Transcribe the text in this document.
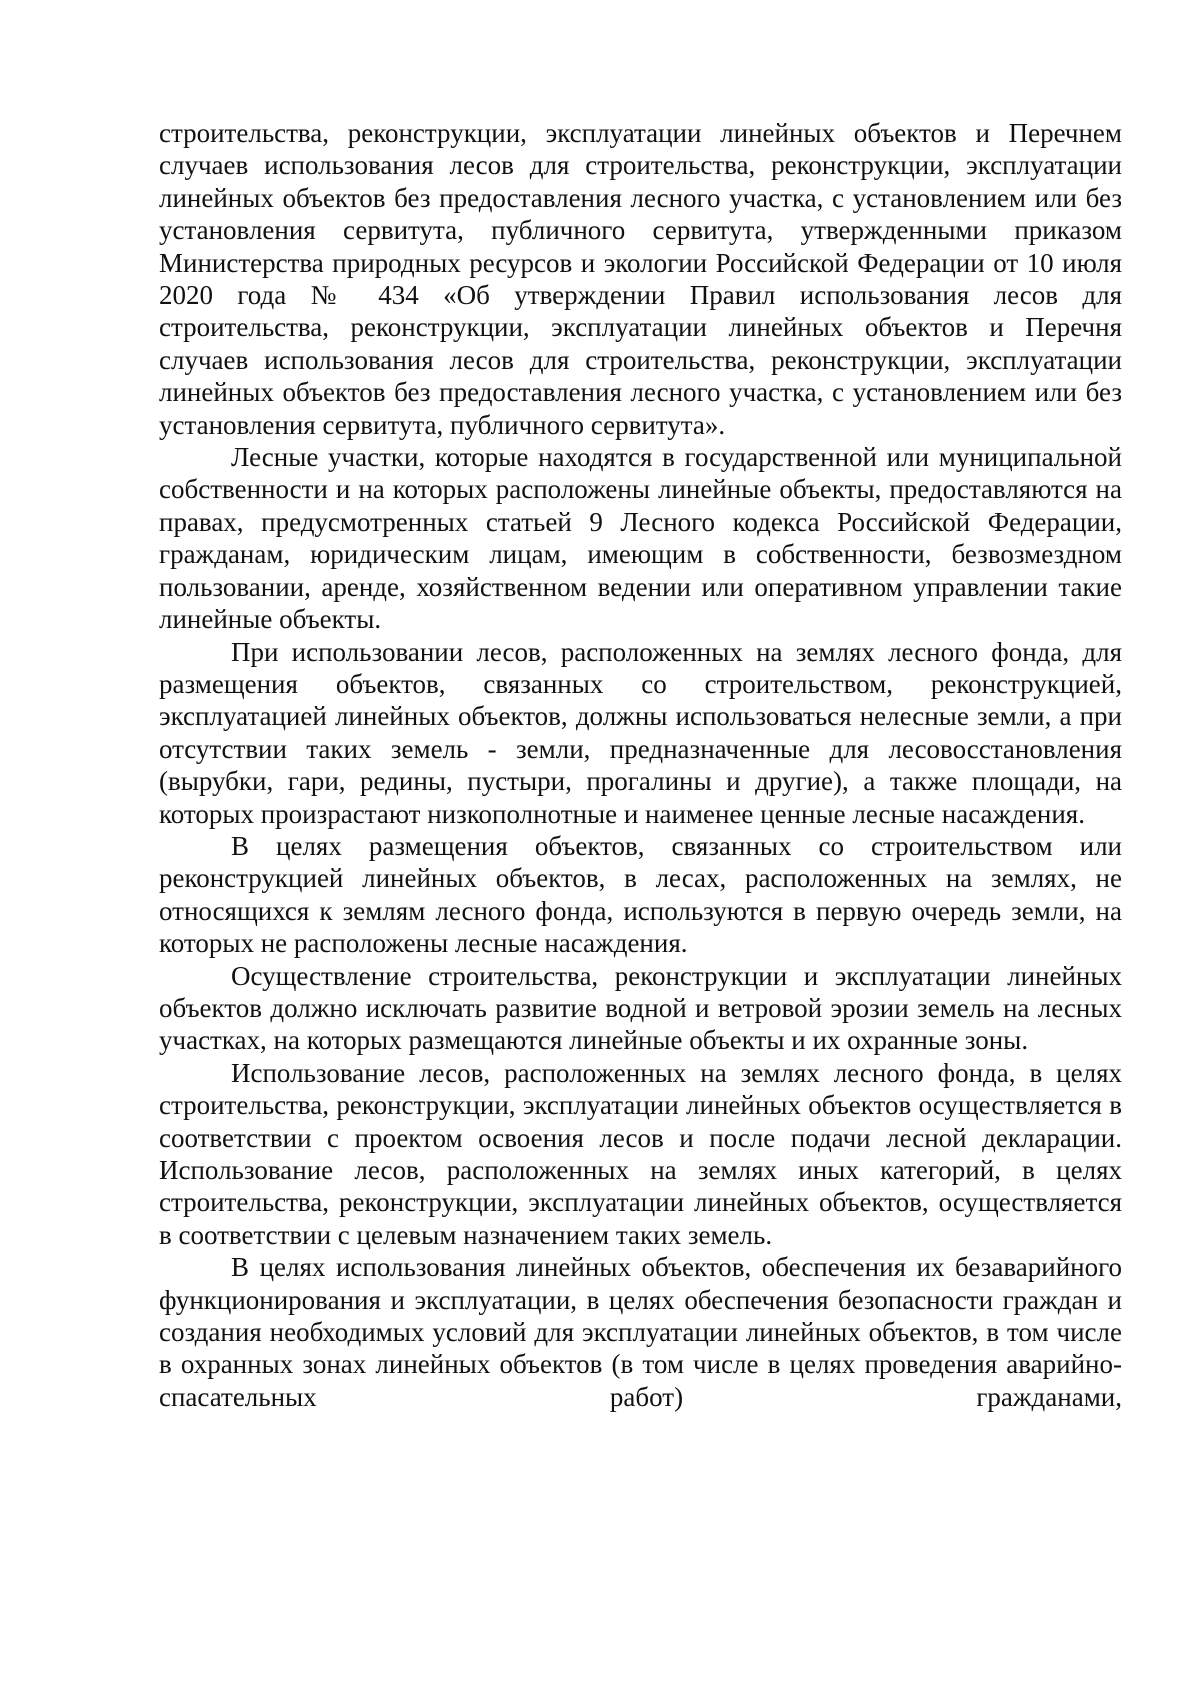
строительства, реконструкции, эксплуатации линейных объектов и Перечнем случаев использования лесов для строительства, реконструкции, эксплуатации линейных объектов без предоставления лесного участка, с установлением или без установления сервитута, публичного сервитута, утвержденными приказом Министерства природных ресурсов и экологии Российской Федерации от 10 июля 2020 года № 434 «Об утверждении Правил использования лесов для строительства, реконструкции, эксплуатации линейных объектов и Перечня случаев использования лесов для строительства, реконструкции, эксплуатации линейных объектов без предоставления лесного участка, с установлением или без установления сервитута, публичного сервитута».

Лесные участки, которые находятся в государственной или муниципальной собственности и на которых расположены линейные объекты, предоставляются на правах, предусмотренных статьей 9 Лесного кодекса Российской Федерации, гражданам, юридическим лицам, имеющим в собственности, безвозмездном пользовании, аренде, хозяйственном ведении или оперативном управлении такие линейные объекты.

При использовании лесов, расположенных на землях лесного фонда, для размещения объектов, связанных со строительством, реконструкцией, эксплуатацией линейных объектов, должны использоваться нелесные земли, а при отсутствии таких земель - земли, предназначенные для лесовосстановления (вырубки, гари, редины, пустыри, прогалины и другие), а также площади, на которых произрастают низкополнотные и наименее ценные лесные насаждения.

В целях размещения объектов, связанных со строительством или реконструкцией линейных объектов, в лесах, расположенных на землях, не относящихся к землям лесного фонда, используются в первую очередь земли, на которых не расположены лесные насаждения.

Осуществление строительства, реконструкции и эксплуатации линейных объектов должно исключать развитие водной и ветровой эрозии земель на лесных участках, на которых размещаются линейные объекты и их охранные зоны.

Использование лесов, расположенных на землях лесного фонда, в целях строительства, реконструкции, эксплуатации линейных объектов осуществляется в соответствии с проектом освоения лесов и после подачи лесной декларации. Использование лесов, расположенных на землях иных категорий, в целях строительства, реконструкции, эксплуатации линейных объектов, осуществляется в соответствии с целевым назначением таких земель.

В целях использования линейных объектов, обеспечения их безаварийного функционирования и эксплуатации, в целях обеспечения безопасности граждан и создания необходимых условий для эксплуатации линейных объектов, в том числе в охранных зонах линейных объектов (в том числе в целях проведения аварийно-спасательных работ) гражданами,
